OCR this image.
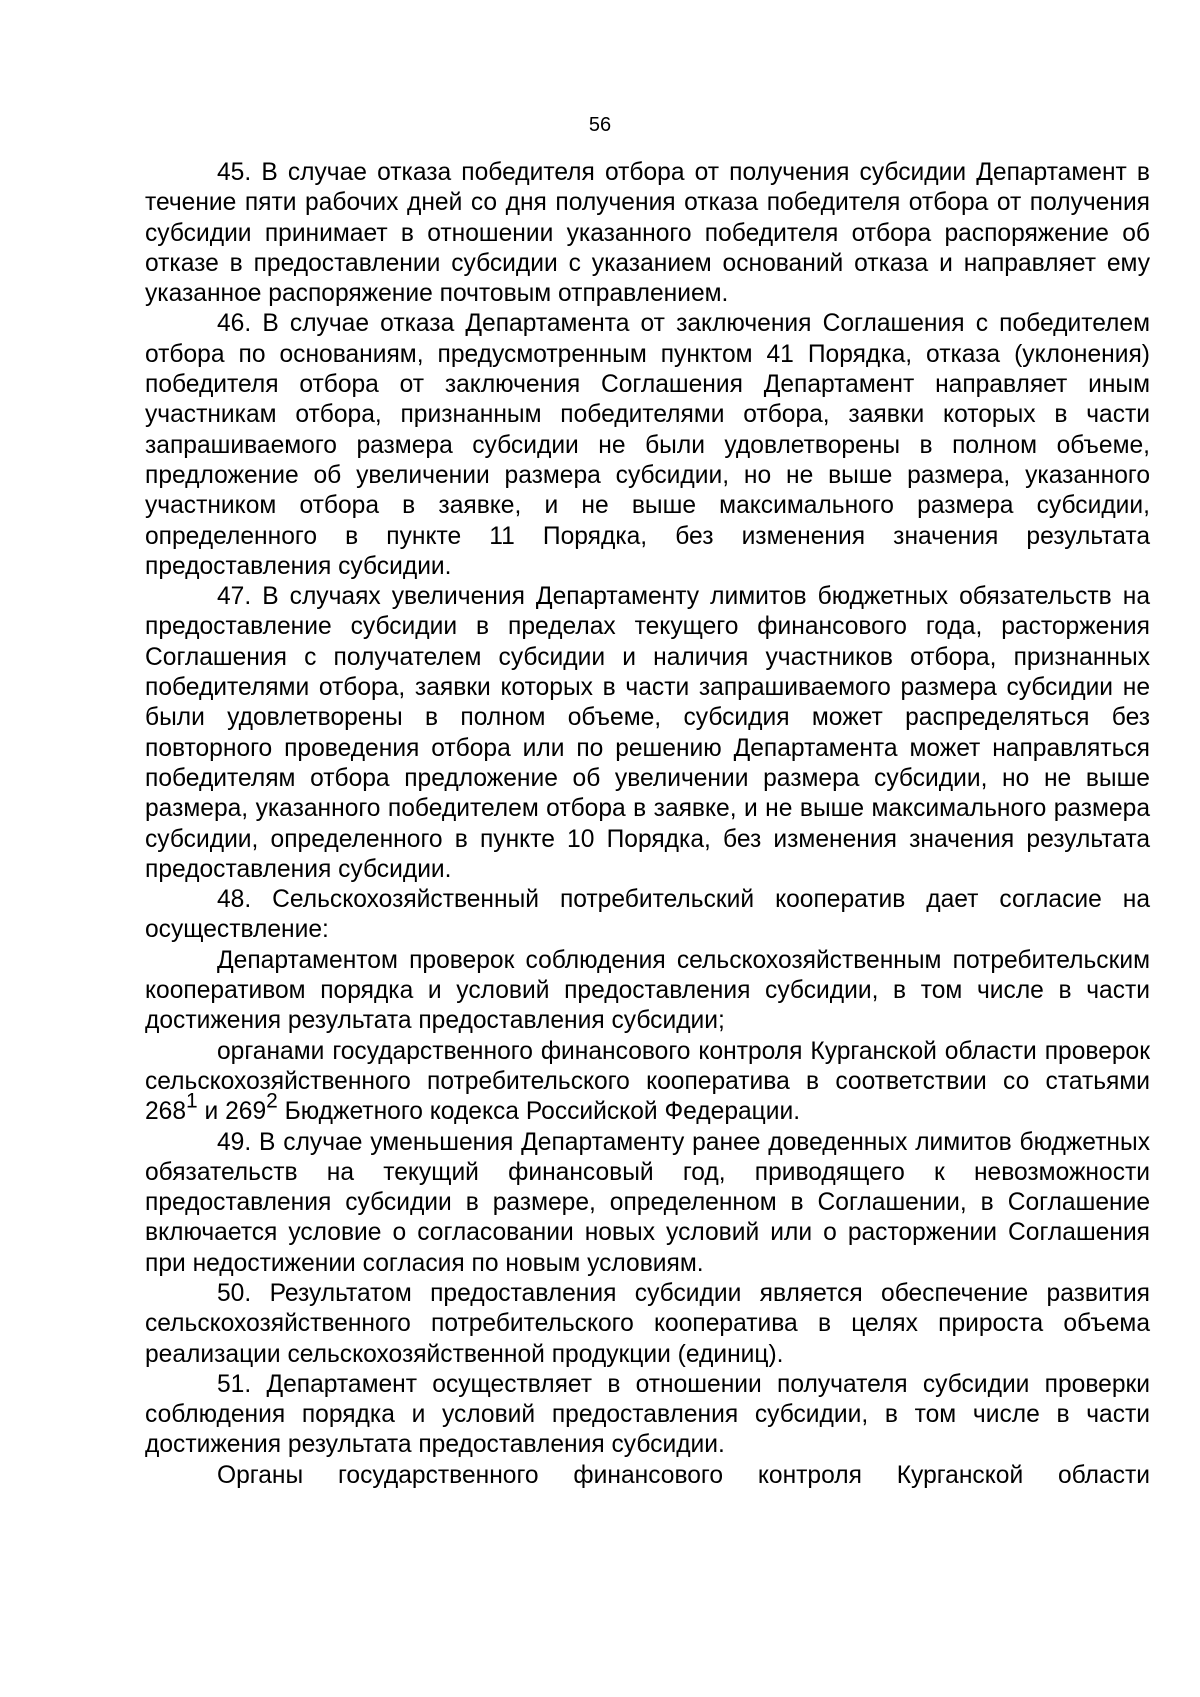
56

45. В случае отказа победителя отбора от получения субсидии Департамент в течение пяти рабочих дней со дня получения отказа победителя отбора от получения субсидии принимает в отношении указанного победителя отбора распоряжение об отказе в предоставлении субсидии с указанием оснований отказа и направляет ему указанное распоряжение почтовым отправлением.

46. В случае отказа Департамента от заключения Соглашения с победителем отбора по основаниям, предусмотренным пунктом 41 Порядка, отказа (уклонения) победителя отбора от заключения Соглашения Департамент направляет иным участникам отбора, признанным победителями отбора, заявки которых в части запрашиваемого размера субсидии не были удовлетворены в полном объеме, предложение об увеличении размера субсидии, но не выше размера, указанного участником отбора в заявке, и не выше максимального размера субсидии, определенного в пункте 11 Порядка, без изменения значения результата предоставления субсидии.

47. В случаях увеличения Департаменту лимитов бюджетных обязательств на предоставление субсидии в пределах текущего финансового года, расторжения Соглашения с получателем субсидии и наличия участников отбора, признанных победителями отбора, заявки которых в части запрашиваемого размера субсидии не были удовлетворены в полном объеме, субсидия может распределяться без повторного проведения отбора или по решению Департамента может направляться победителям отбора предложение об увеличении размера субсидии, но не выше размера, указанного победителем отбора в заявке, и не выше максимального размера субсидии, определенного в пункте 10 Порядка, без изменения значения результата предоставления субсидии.

48. Сельскохозяйственный потребительский кооператив дает согласие на осуществление:

Департаментом проверок соблюдения сельскохозяйственным потребительским кооперативом порядка и условий предоставления субсидии, в том числе в части достижения результата предоставления субсидии;

органами государственного финансового контроля Курганской области проверок сельскохозяйственного потребительского кооператива в соответствии со статьями $268^1$ и $269^2$ Бюджетного кодекса Российской Федерации.

49. В случае уменьшения Департаменту ранее доведенных лимитов бюджетных обязательств на текущий финансовый год, приводящего к невозможности предоставления субсидии в размере, определенном в Соглашении, в Соглашение включается условие о согласовании новых условий или о расторжении Соглашения при недостижении согласия по новым условиям.

50. Результатом предоставления субсидии является обеспечение развития сельскохозяйственного потребительского кооператива в целях прироста объема реализации сельскохозяйственной продукции (единиц).

51. Департамент осуществляет в отношении получателя субсидии проверки соблюдения порядка и условий предоставления субсидии, в том числе в части достижения результата предоставления субсидии.

Органы государственного финансового контроля Курганской области
